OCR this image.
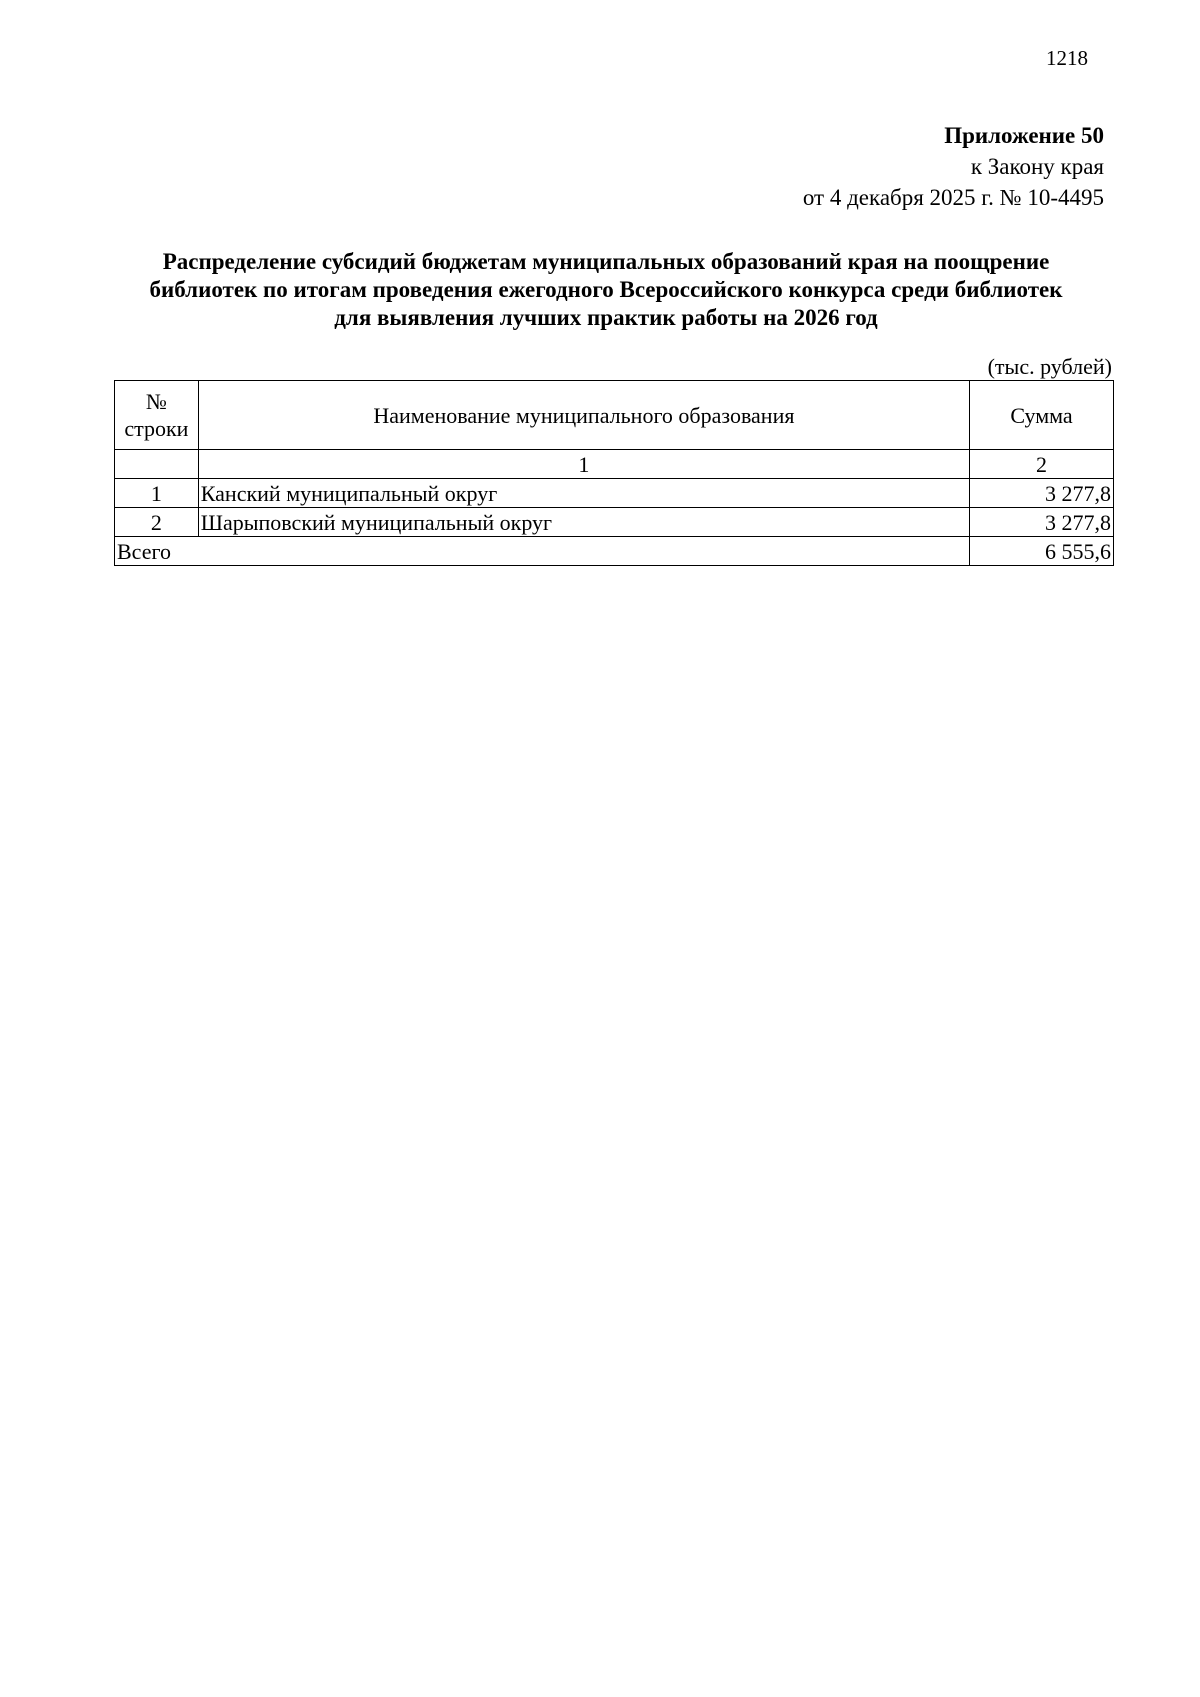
1218
Приложение 50
к Закону края
от 4 декабря 2025 г. № 10-4495
Распределение субсидий бюджетам муниципальных образований края на поощрение
библиотек по итогам проведения ежегодного Всероссийского конкурса среди библиотек
для выявления лучших практик работы на 2026 год
(тыс. рублей)
№
строки	Наименование муниципального образования	Сумма
	1	2
1	Канский муниципальный округ	3 277,8
2	Шарыповский муниципальный округ	3 277,8
Всего		6 555,6
